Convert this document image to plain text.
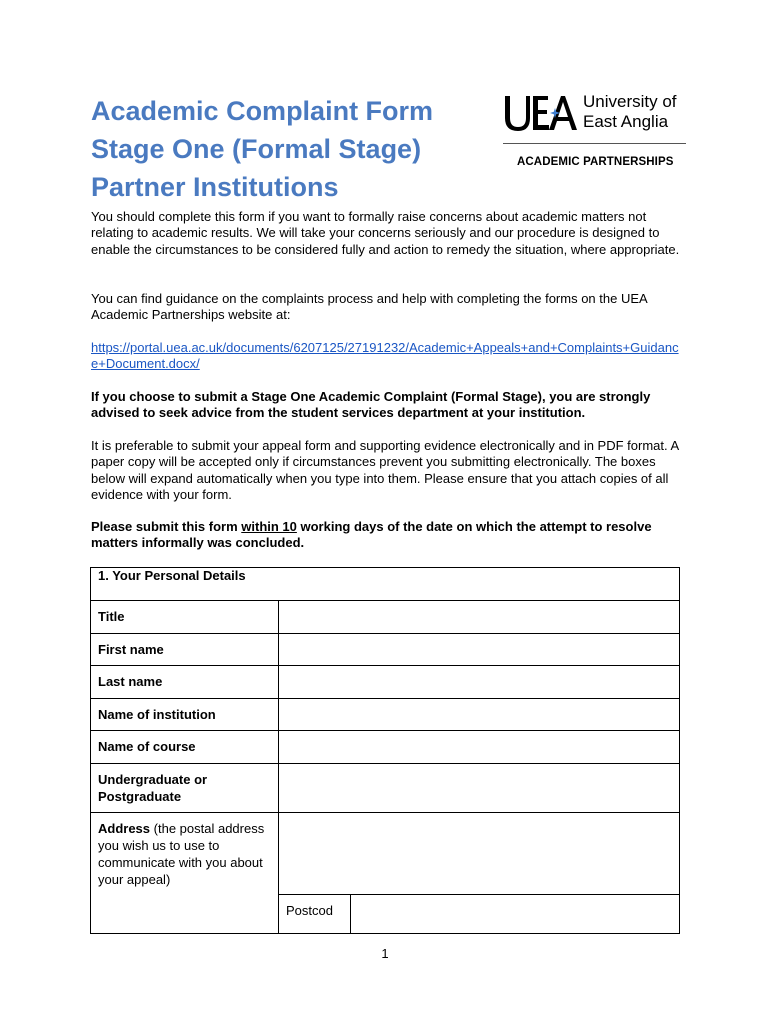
Academic Complaint Form
Stage One (Formal Stage)
Partner Institutions
University of
East Anglia
ACADEMIC PARTNERSHIPS
You should complete this form if you want to formally raise concerns about academic matters not relating to academic results. We will take your concerns seriously and our procedure is designed to enable the circumstances to be considered fully and action to remedy the situation, where appropriate.
You can find guidance on the complaints process and help with completing the forms on the UEA Academic Partnerships website at:
https://portal.uea.ac.uk/documents/6207125/27191232/Academic+Appeals+and+Complaints+Guidance+Document.docx/
If you choose to submit a Stage One Academic Complaint (Formal Stage), you are strongly advised to seek advice from the student services department at your institution.
It is preferable to submit your appeal form and supporting evidence electronically and in PDF format. A paper copy will be accepted only if circumstances prevent you submitting electronically. The boxes below will expand automatically when you type into them. Please ensure that you attach copies of all evidence with your form.
Please submit this form within 10 working days of the date on which the attempt to resolve matters informally was concluded.
1. Your Personal Details		
Title		
First name		
Last name		
Name of institution		
Name of course		
Undergraduate or Postgraduate		
Address (the postal address you wish us to use to communicate with you about your appeal)		
	Postcod	
1
